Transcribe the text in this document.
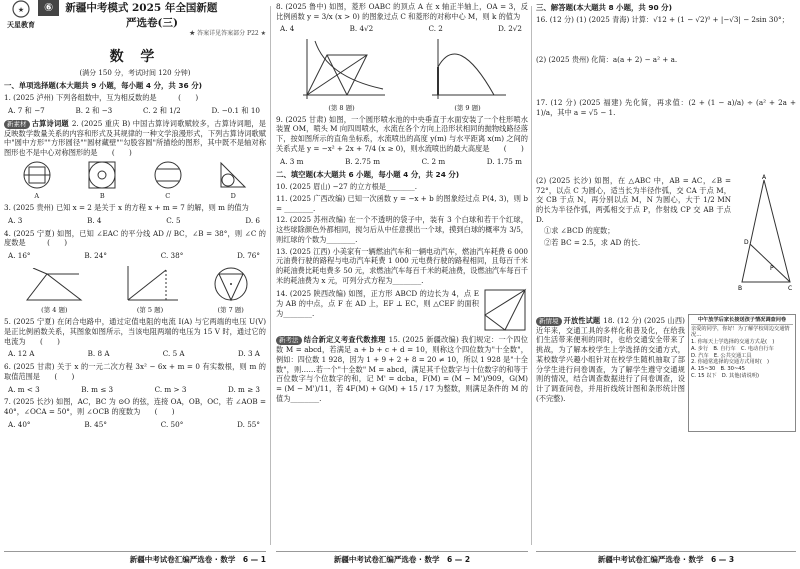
★
天星教育
⑥	新疆中考模式 2025 年全国新题
严选卷(三)
★ 答案详见答案部分 P22 ★
数 学
(满分 150 分，考试时间 120 分钟)
一、单项选择题(本大题共 9 小题，每小题 4 分，共 36 分)
1. (2025 泸州) 下列各组数中，互为相反数的是　　　(　　)
A. 7 和 −7	B. 2 和 −3	C. 2 和 1/2	D. −0.1 和 10
新素材 古算诗词题 2. (2025 重庆 B) 中国古算诗词歌赋较多，古算诗词题，是反映数学数量关系的内容和形式及其规律的一种文学浪漫形式，下列古算诗词歌赋中"圆中方形""方形圆径""圆材藏壁""勾股容圆"所描绘的图形，其中既不是轴对称图形也不是中心对称图形的是　　(　　)
A	B	C	D
3. (2025 贵州) 已知 x = 2 是关于 x 的方程 x + m = 7 的解，则 m 的值为
A. 3	B. 4	C. 5	D. 6
4. (2025 宁夏) 如图，已知 ∠EAC 的平分线 AD // BC，∠B = 38°，则 ∠C 的度数是　　　(　　)
A. 16°	B. 24°	C. 38°	D. 76°
(第 4 题)	(第 5 题)	(第 7 题)
5. (2025 宁夏) 在闭合电路中，通过定值电阻的电流 I(A) 与它两端的电压 U(V) 是正比例函数关系，其图象如图所示，当该电阻两端的电压为 15 V 时，通过它的电流为　　(　　)
A. 12 A	B. 8 A	C. 5 A	D. 3 A
6. (2025 甘肃) 关于 x 的一元二次方程 3x² − 6x + m = 0 有实数根，则 m 的取值范围是　　(　　)
A. m < 3	B. m ≤ 3	C. m > 3	D. m ≥ 3
7. (2025 长沙) 如图，AC，BC 为 ⊙O 的弦，连接 OA，OB，OC，若 ∠AOB = 40°，∠OCA = 50°，则 ∠OCB 的度数为　　(　　)
A. 40°	B. 45°	C. 50°	D. 55°
新疆中考试卷汇编严选卷 · 数学　6 — 1
8. (2025 鲁中) 如图，菱形 OABC 的顶点 A 在 x 轴正半轴上，OA = 3，反比例函数 y = 3/x (x > 0) 的图象过点 C 和菱形的对称中心 M，则 k 的值为
A. 4	B. 4√2	C. 2	D. 2√2
(第 8 题)	(第 9 题)
9. (2025 甘肃) 如图，一个圆形喷水池的中央垂直于水面安装了一个柱形喷水装置 OM，喷头 M 向四周喷水，水流在各个方向上沿形状相同的抛物线路径落下，按如图所示的直角坐标系，水流喷出的高度 y(m) 与水平距离 x(m) 之间的关系式是 y = −x² + 2x + 7/4 (x ≥ 0)，则水流喷出的最大高度是　　(　　)
A. 3 m	B. 2.75 m	C. 2 m	D. 1.75 m
二、填空题(本大题共 6 小题，每小题 4 分，共 24 分)
10. (2025 眉山) −27 的立方根是________.
11. (2025 广西改编) 已知一次函数 y = −x + b 的图象经过点 P(4, 3)，则 b = ________.
12. (2025 苏州改编) 在一个不透明的袋子中，装有 3 个白球和若干个红球，这些球除颜色外都相同，搅匀后从中任意摸出一个球，摸到白球的概率为 3/5，则红球的个数为________.
13. (2025 江西) 小美家有一辆燃油汽车和一辆电动汽车，燃油汽车耗费 6 000 元油费行驶的路程与电动汽车耗费 1 000 元电费行驶的路程相同，且每百千米的耗油费比耗电费多 50 元，求燃油汽车每百千米的耗油费，设燃油汽车每百千米的耗油费为 x 元，可列分式方程为________.
14. (2025 陕西改编) 如图，正方形 ABCD 的边长为 4，点 E 为 AB 的中点，点 F 在 AD 上，EF ⊥ EC，则 △CEF 的面积为________.
新考法 结合新定义考查代数推理 15. (2025 新疆改编) 我们规定：一个四位数 M = abcd，若满足 a + b + c + d = 10，则称这个四位数为"十全数"，例如：四位数 1 928，因为 1 + 9 + 2 + 8 = 20 ≠ 10，所以 1 928 是"十全数"，则……若一个"十全数" M = abcd，满足其千位数字与十位数字的和等于百位数字与个位数字的和，记 M' = dcba，F(M) = (M − M')/909，G(M) = (M − M')/11，若 4F(M) + G(M) + 15 / 17 为整数，则满足条件的 M 的值为________.
新疆中考试卷汇编严选卷 · 数学　6 — 2
三、解答题(本大题共 8 小题，共 90 分)
16. (12 分) (1) (2025 青海) 计算：√12 + (1 − √2)⁰ + |−√3| − 2sin 30°；
(2) (2025 贵州) 化简：a(a + 2) − a² + a.
17. (12 分) (2025 福建) 先化简，再求值：(2 + (1 − a)/a) ÷ (a² + 2a + 1)/a，其中 a = √5 − 1.
(2) (2025 长沙) 如图，在 △ABC 中，AB = AC，∠B = 72°，以点 C 为圆心，适当长为半径作弧，交 CA 于点 M，交 CB 于点 N，再分别以点 M，N 为圆心，大于 1/2 MN 的长为半径作弧，两弧相交于点 P，作射线 CP 交 AB 于点 D.
①求 ∠BCD 的度数；
②若 BC = 2.5，求 AD 的长.
A
D
B	C
P
新情境 开放性试题 18. (12 分) (2025 山西) 近年来，交通工具的多样化和普及化，在给我们生活带来便利的同时，也给交通安全带来了挑战，为了解本校学生上学选择的交通方式，某校数学兴趣小组针对在校学生随机抽取了部分学生进行问卷调查，为了解学生遵守交通规则的情况，结合调查数据进行了问卷调查，设计了调查问卷，并用折线统计图和条形统计图(不完整).
中午放学后家长接送孩子情况调查问卷
亲爱的同学，你好！为了解学校周边交通情况…
1. 你每天上学选择的交通方式是(　)
A. 步行　B. 自行车　C. 电动自行车
D. 汽车　E. 公共交通工具
2. 你通常选择的交通方式用时(　)
A. 15~30　B. 30~45
C. 15 以下　D. 其他(请说明)
新疆中考试卷汇编严选卷 · 数学　6 — 3
